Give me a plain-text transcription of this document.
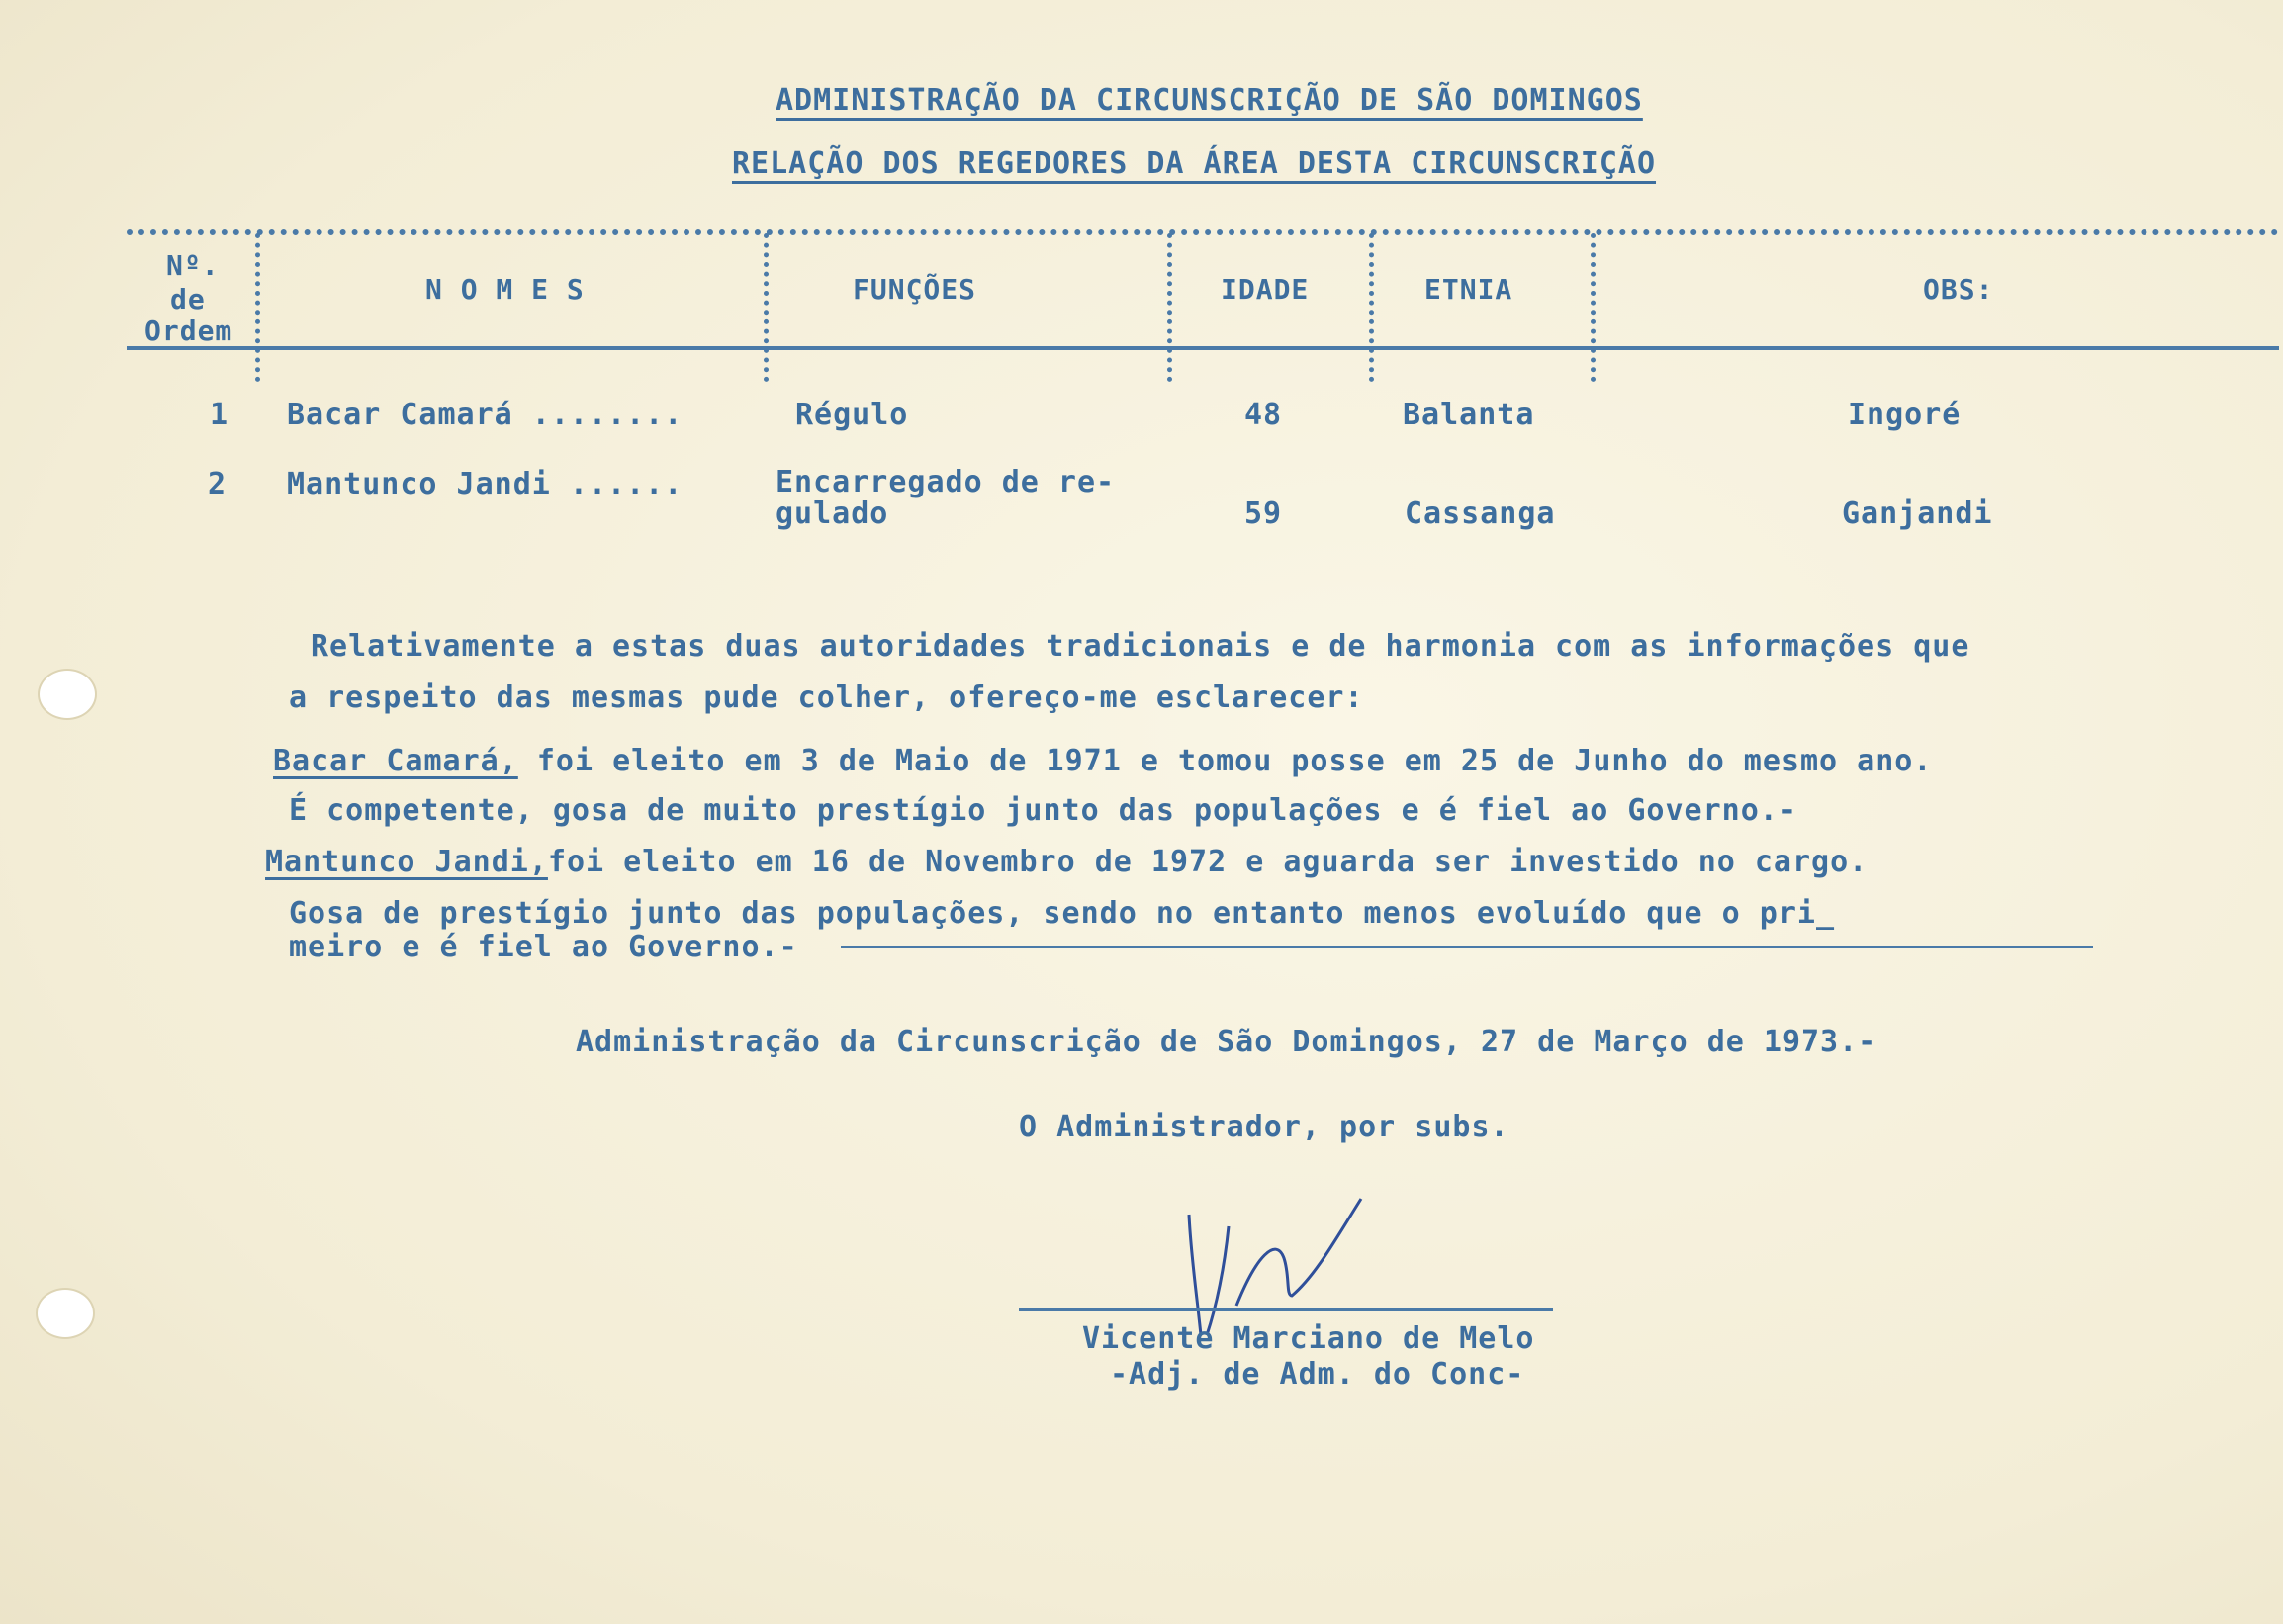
ADMINISTRAÇÃO DA CIRCUNSCRIÇÃO DE SÃO DOMINGOS
RELAÇÃO DOS REGEDORES DA ÁREA DESTA CIRCUNSCRIÇÃO
Nº.
de
Ordem
N O M E S	FUNÇÕES	IDADE	ETNIA	OBS:
1 Bacar Camará ........	Régulo	48	Balanta	Ingoré
2 Mantunco Jandi ......	Encarregado de re-
gulado	59	Cassanga	Ganjandi
Relativamente a estas duas autoridades tradicionais e de harmonia com as informações que
a respeito das mesmas pude colher, ofereço-me esclarecer:
Bacar Camará, foi eleito em 3 de Maio de 1971 e tomou posse em 25 de Junho do mesmo ano.
É competente, gosa de muito prestígio junto das populações e é fiel ao Governo.-
Mantunco Jandi,foi eleito em 16 de Novembro de 1972 e aguarda ser investido no cargo.
Gosa de prestígio junto das populações, sendo no entanto menos evoluído que o pri_
meiro e é fiel ao Governo.-
Administração da Circunscrição de São Domingos, 27 de Março de 1973.-
O Administrador, por subs.
Vicente Marciano de Melo
-Adj. de Adm. do Conc-
